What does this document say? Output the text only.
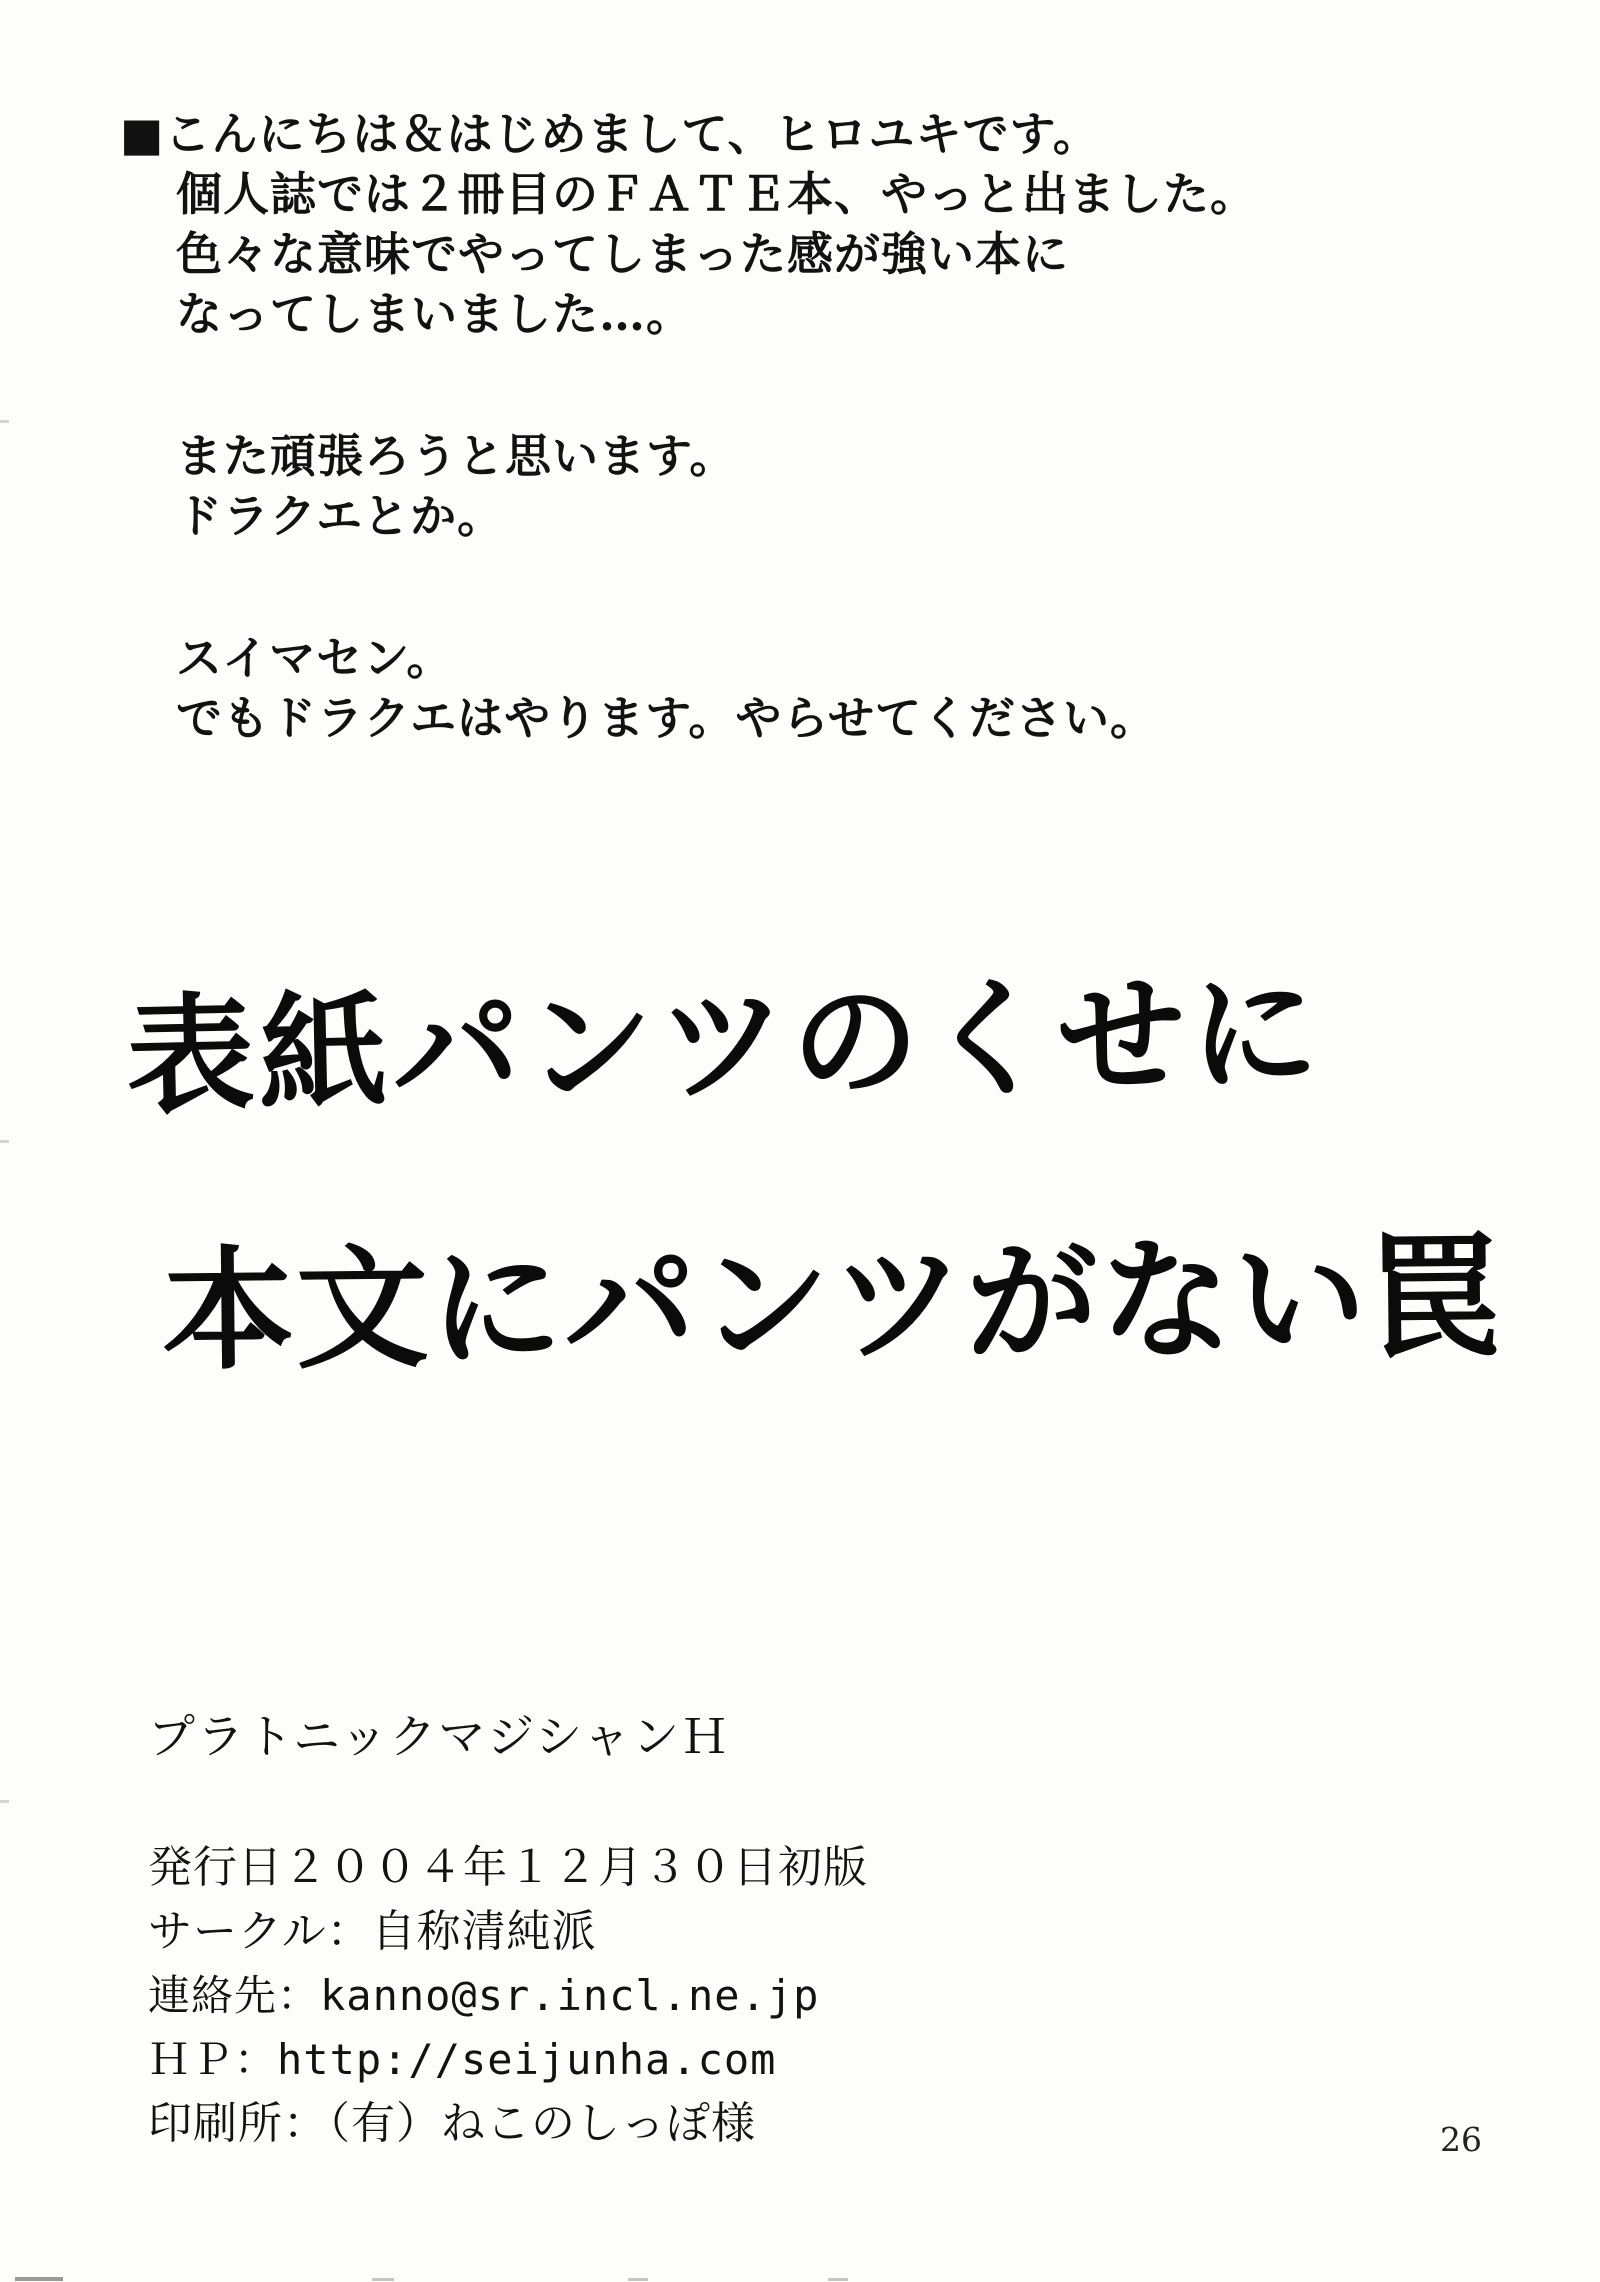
■こんにちは＆はじめまして、ヒロユキです。
個人誌では２冊目のＦＡＴＥ本、やっと出ました。
色々な意味でやってしまった感が強い本に
なってしまいました…。
また頑張ろうと思います。
ドラクエとか。
スイマセン。
でもドラクエはやります。やらせてください。
表紙パンツのくせに
本文にパンツがない罠
プラトニックマジシャンＨ
発行日２００４年１２月３０日初版
サークル：自称清純派
連絡先：kanno@sr.incl.ne.jp
ＨＰ：http://seijunha.com
印刷所：（有）ねこのしっぽ様	26
